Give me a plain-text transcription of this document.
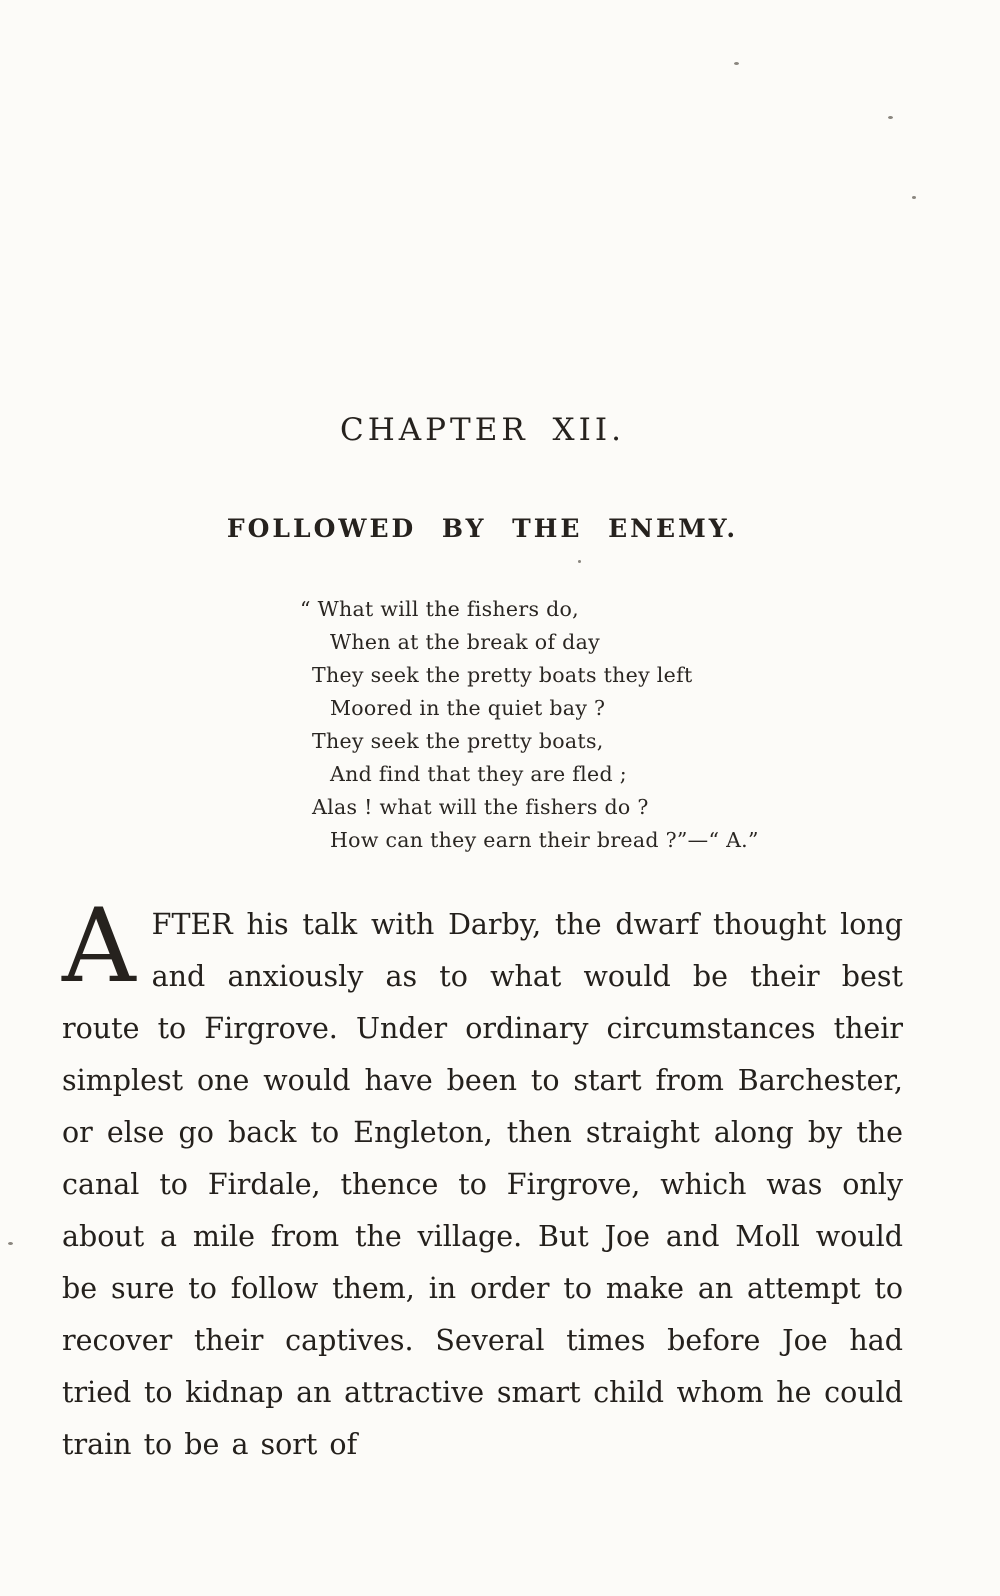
CHAPTER XII.
FOLLOWED BY THE ENEMY.
“ What will the fishers do,
When at the break of day
They seek the pretty boats they left
Moored in the quiet bay ?
They seek the pretty boats,
And find that they are fled ;
Alas ! what will the fishers do ?
How can they earn their bread ?”—“ A.”

AFTER his talk with Darby, the dwarf thought long and anxiously as to what would be their best route to Firgrove. Under ordinary circumstances their simplest one would have been to start from Barchester, or else go back to Engleton, then straight along by the canal to Firdale, thence to Firgrove, which was only about a mile from the village. But Joe and Moll would be sure to follow them, in order to make an attempt to recover their captives. Several times before Joe had tried to kidnap an attractive smart child whom he could train to be a sort of
